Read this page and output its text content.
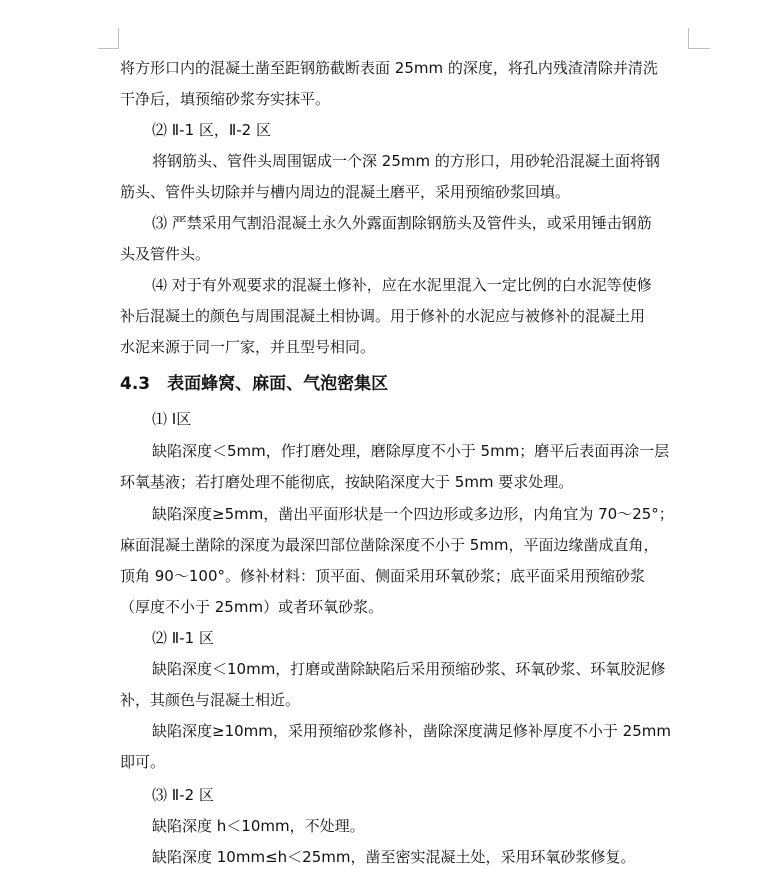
将方形口内的混凝土凿至距钢筋截断表面 25mm 的深度，将孔内残渣清除并清洗
干净后，填预缩砂浆夯实抹平。
⑵ Ⅱ-1 区，Ⅱ-2 区
将钢筋头、管件头周围锯成一个深 25mm 的方形口，用砂轮沿混凝土面将钢
筋头、管件头切除并与槽内周边的混凝土磨平，采用预缩砂浆回填。
⑶ 严禁采用气割沿混凝土永久外露面割除钢筋头及管件头，或采用锤击钢筋
头及管件头。
⑷ 对于有外观要求的混凝土修补，应在水泥里混入一定比例的白水泥等使修
补后混凝土的颜色与周围混凝土相协调。用于修补的水泥应与被修补的混凝土用
水泥来源于同一厂家，并且型号相同。
4.3　表面蜂窝、麻面、气泡密集区
⑴ Ⅰ区
缺陷深度＜5mm，作打磨处理，磨除厚度不小于 5mm；磨平后表面再涂一层
环氧基液；若打磨处理不能彻底，按缺陷深度大于 5mm 要求处理。
缺陷深度≥5mm，凿出平面形状是一个四边形或多边形，内角宜为 70～25°；
麻面混凝土凿除的深度为最深凹部位凿除深度不小于 5mm，平面边缘凿成直角，
顶角 90～100°。修补材料：顶平面、侧面采用环氧砂浆；底平面采用预缩砂浆
（厚度不小于 25mm）或者环氧砂浆。
⑵ Ⅱ-1 区
缺陷深度＜10mm，打磨或凿除缺陷后采用预缩砂浆、环氧砂浆、环氧胶泥修
补，其颜色与混凝土相近。
缺陷深度≥10mm，采用预缩砂浆修补，凿除深度满足修补厚度不小于 25mm
即可。
⑶ Ⅱ-2 区
缺陷深度 h＜10mm，不处理。
缺陷深度 10mm≤h＜25mm，凿至密实混凝土处，采用环氧砂浆修复。
